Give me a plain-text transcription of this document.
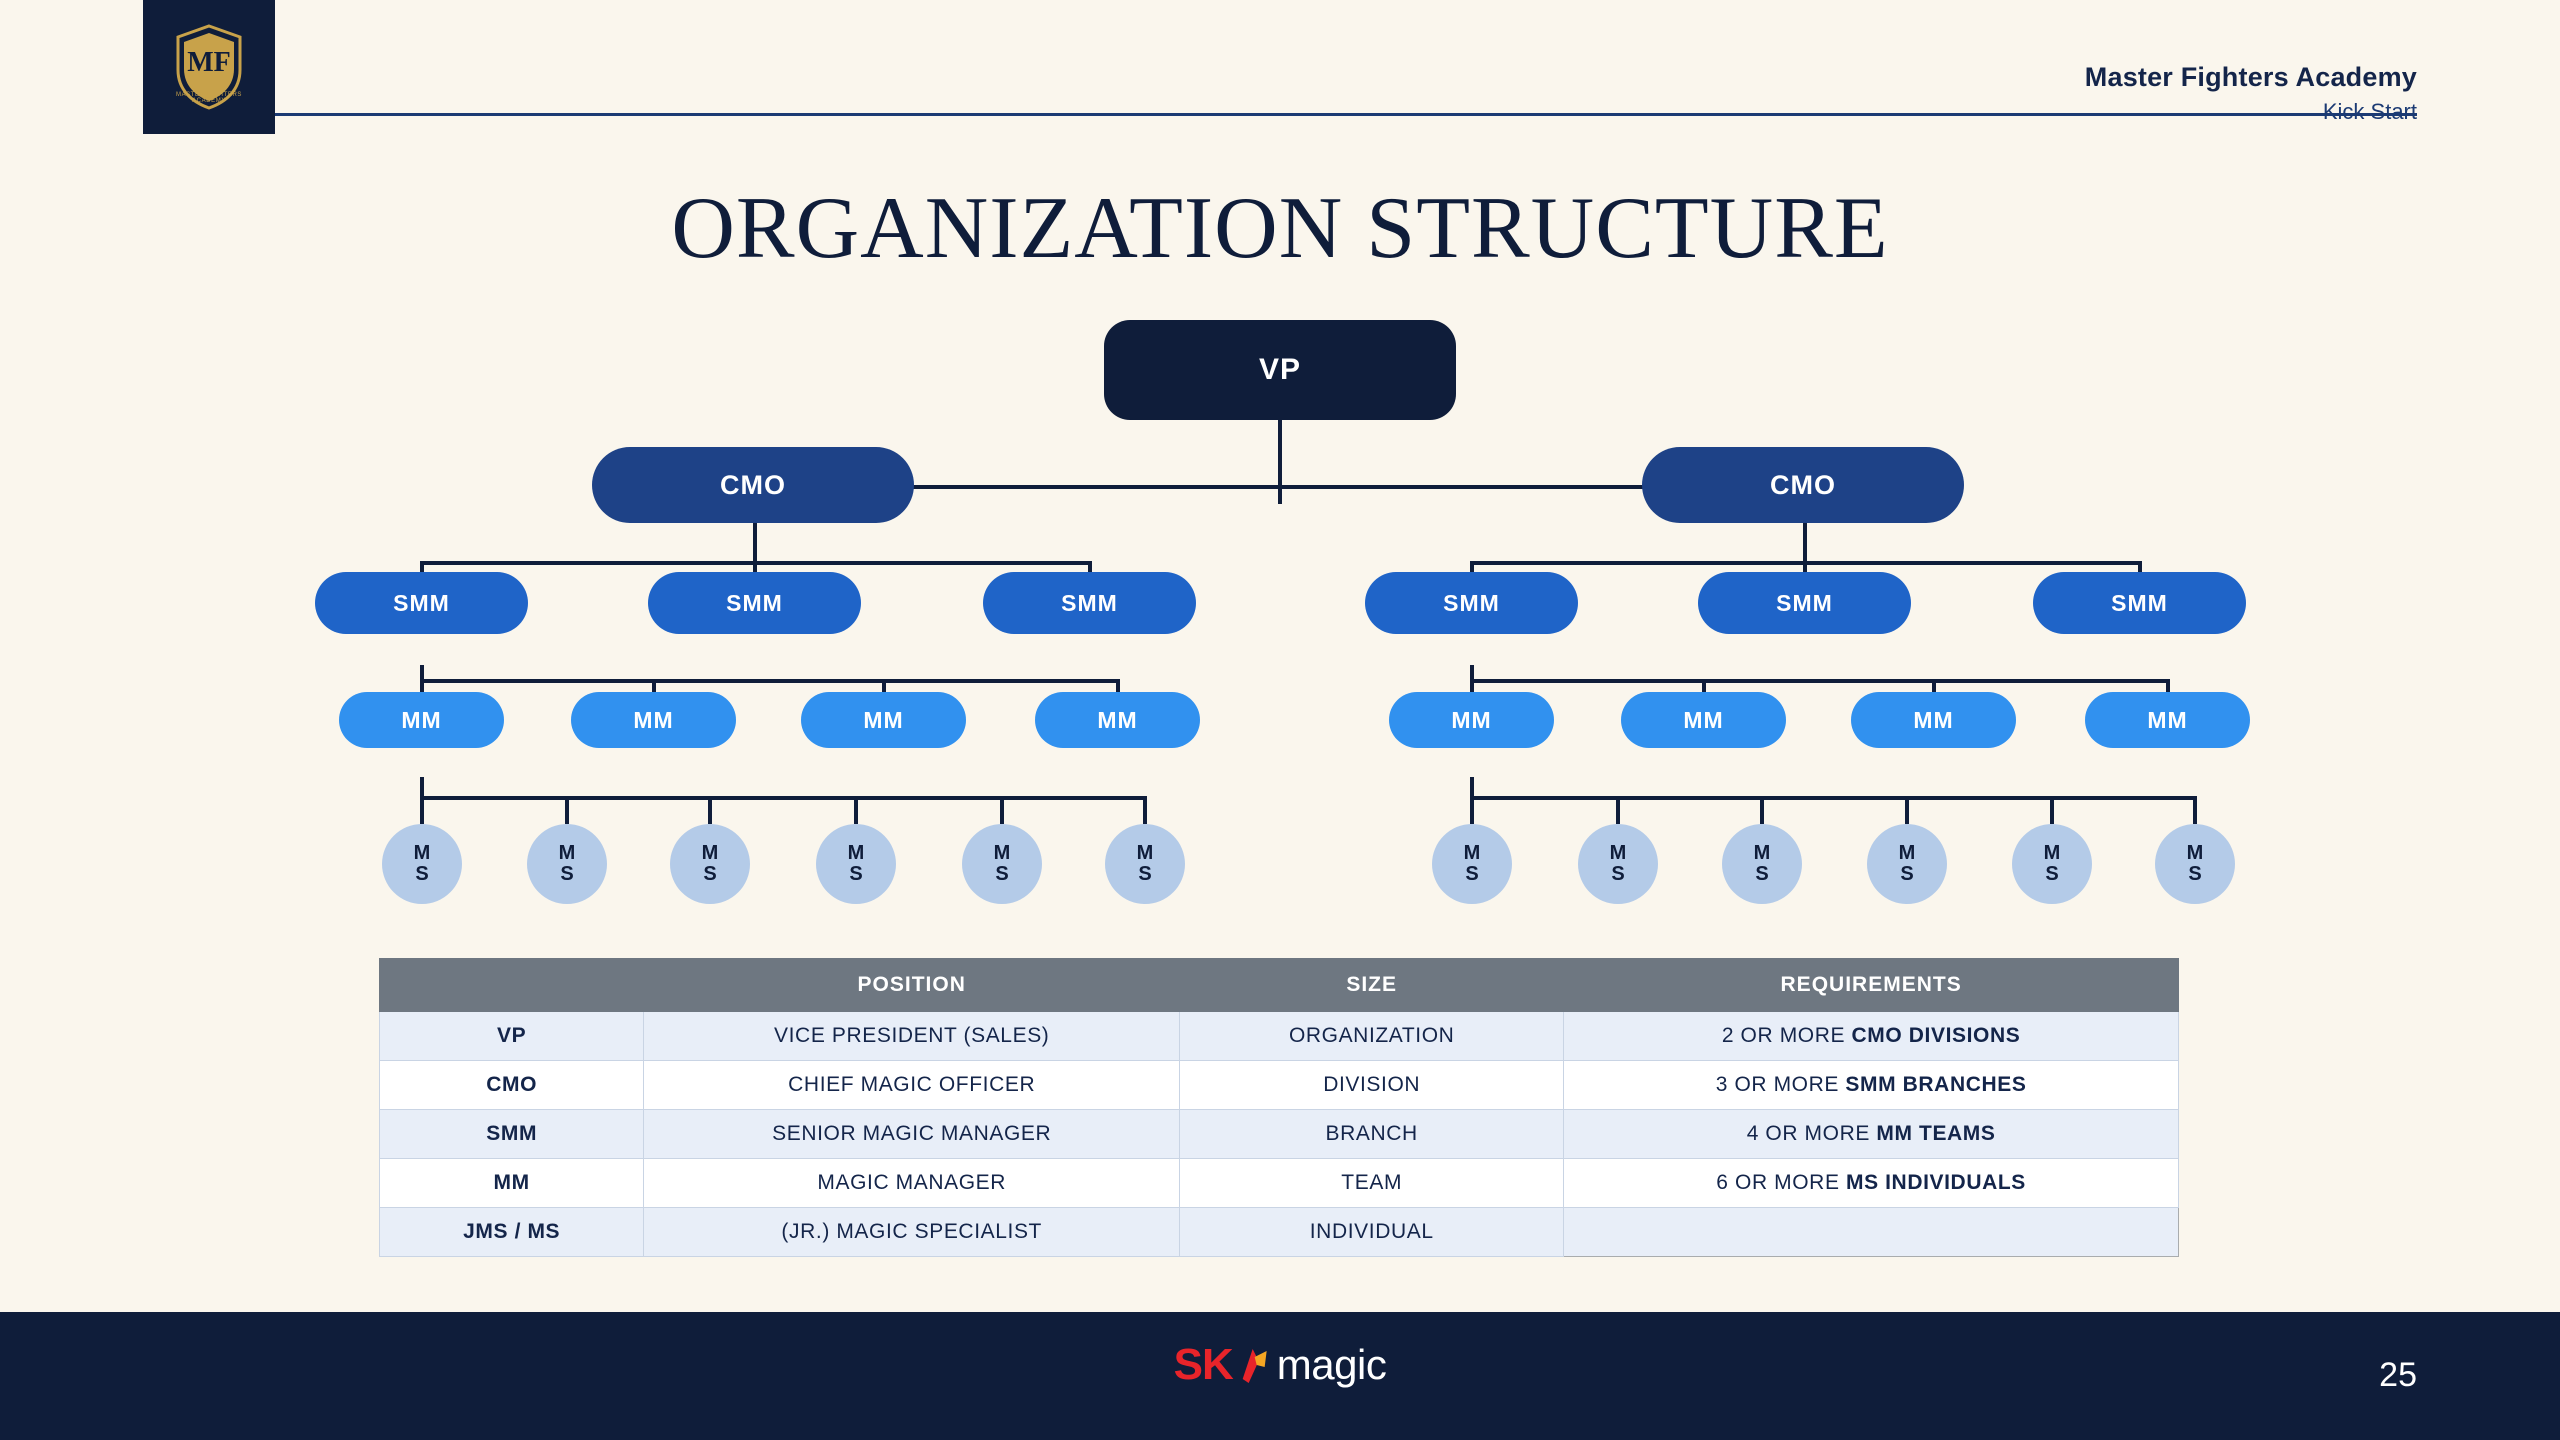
MF
MASTER FIGHTERS ACADEMY
Master Fighters Academy
Kick Start
ORGANIZATION STRUCTURE
VP
CMO	CMO
SMM	SMM	SMM	SMM	SMM	SMM
MM	MM	MM	MM	MM	MM	MM	MM
M
S
M
S
M
S
M
S
M
S
M
S
M
S
M
S
M
S
M
S
M
S
M
S
	POSITION	SIZE	REQUIREMENTS
VP	VICE PRESIDENT (SALES)	ORGANIZATION	2 OR MORE CMO DIVISIONS
CMO	CHIEF MAGIC OFFICER	DIVISION	3 OR MORE SMM BRANCHES
SMM	SENIOR MAGIC MANAGER	BRANCH	4 OR MORE MM TEAMS
MM	MAGIC MANAGER	TEAM	6 OR MORE MS INDIVIDUALS
JMS / MS	(JR.) MAGIC SPECIALIST	INDIVIDUAL	
SK magic	25
